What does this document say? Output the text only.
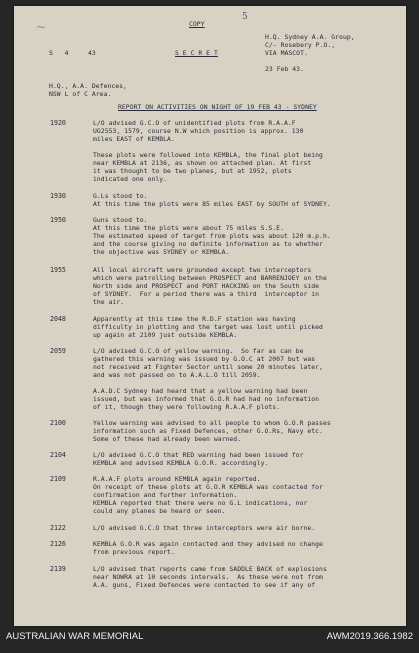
5
~	COPY
S   4     43	S E C R E T
H.Q. Sydney A.A. Group,
C/- Rosebery P.O.,
VIA MASCOT.
23 Feb 43.
H.Q., A.A. Defences,
NSW L of C Area.
REPORT ON ACTIVITIES ON NIGHT OF 19 FEB 43 - SYDNEY
1920	L/O advised G.C.O of unidentified plots from R.A.A.F
UG2553, 1579, course N.W which position is approx. 130
miles EAST of KEMBLA.
These plots were followed into KEMBLA, the final plot being
near KEMBLA at 2136, as shown on attached plan. At first
it was thought to be two planes, but at 1952, plots
indicated one only.
1930	G.Ls stood to.
At this time the plots were 85 miles EAST by SOUTH of SYDNEY.
1950	Guns stood to.
At this time the plots were about 75 miles S.S.E.
The estimated speed of target from plots was about 120 m.p.h.
and the course giving no definite information as to whether
the objective was SYDNEY or KEMBLA.
1955	All local aircraft were grounded except two interceptors
which were patrolling between PROSPECT and BARRENJOEY on the
North side and PROSPECT and PORT HACKING on the South side
of SYDNEY.  For a period there was a third  interceptor in
the air.
2048	Apparently at this time the R.D.F station was having
difficulty in plotting and the target was lost until picked
up again at 2109 just outside KEMBLA.
2059	L/O advised G.C.O of yellow warning.  So far as can be
gathered this warning was issued by G.O.C at 2007 but was
not received at Fighter Sector until some 20 minutes later,
and was not passed on to A.A.L.O till 2059.
A.A.D.C Sydney had heard that a yellow warning had been
issued, but was informed that G.O.R had had no information
of it, though they were following R.A.A.F plots.
2100	Yellow warning was advised to all people to whom G.O.R passes
information such as Fixed Defences, other G.O.Rs, Navy etc.
Some of these had already been warned.
2104	L/O advised G.C.O that RED warning had been issued for
KEMBLA and advised KEMBLA G.O.R. accordingly.
2109	R.A.A.F plots around KEMBLA again reported.
On receipt of these plots at G.O.R KEMBLA was contacted for
confirmation and further information.
KEMBLA reported that there were no G.L indications, nor
could any planes be heard or seen.
2122	L/O advised G.C.O that three interceptors were air borne.
2126	KEMBLA G.O.R was again contacted and they advised no change
from previous report.
2139	L/O advised that reports came from SADDLE BACK of explosions
near NOWRA at 10 seconds intervals.  As these were not from
A.A. guns, Fixed Defences were contacted to see if any of
AUSTRALIAN WAR MEMORIAL	AWM2019.366.1982
